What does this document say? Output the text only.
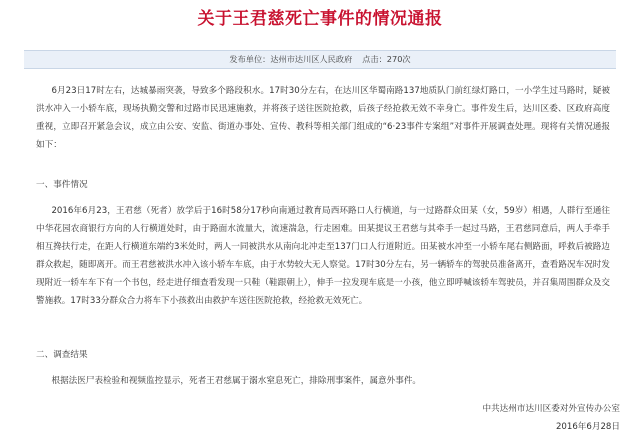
关于王君慈死亡事件的情况通报
发布单位：达州市达川区人民政府 点击：270次
6月23日17时左右，达城暴雨突袭，导致多个路段积水。17时30分左右，在达川区华蜀南路137地质队门前红绿灯路口，一小学生过马路时，疑被洪水冲入一小轿车底，现场执勤交警和过路市民迅速施救，并将孩子送往医院抢救，后孩子经抢救无效不幸身亡。事件发生后，达川区委、区政府高度重视，立即召开紧急会议，成立由公安、安监、街道办事处、宣传、教科等相关部门组成的“6·23事件专案组”对事件开展调查处理。现将有关情况通报如下：
一、事件情况
2016年6月23，王君慈（死者）放学后于16时58分17秒向南通过教育局西环路口人行横道，与一过路群众田某（女，59岁）相遇，人群行至通往中华花园农商银行方向的人行横道处时，由于路面水流量大，流速湍急，行走困难。田某提议王君慈与其牵手一起过马路，王君慈同意后，两人手牵手相互搀扶行走，在距人行横道东端约3米处时，两人一同被洪水从南向北冲走至137门口人行道附近。田某被水冲至一小轿车尾右侧路面，呼救后被路边群众救起，随即离开。而王君慈被洪水冲入该小轿车车底，由于水势较大无人察觉。17时30分左右，另一辆轿车的驾驶员准备离开，查看路况车况时发现附近一轿车车下有一个书包，经走进仔细查看发现一只鞋（鞋跟朝上），伸手一拉发现车底是一小孩，他立即呼喊该轿车驾驶员，并召集周围群众及交警施救。17时33分群众合力将车下小孩救出由救护车送往医院抢救，经抢救无效死亡。
二、调查结果
根据法医尸表检验和视频监控显示，死者王君慈属于溺水窒息死亡，排除刑事案件，属意外事件。
中共达州市达川区委对外宣传办公室
2016年6月28日
